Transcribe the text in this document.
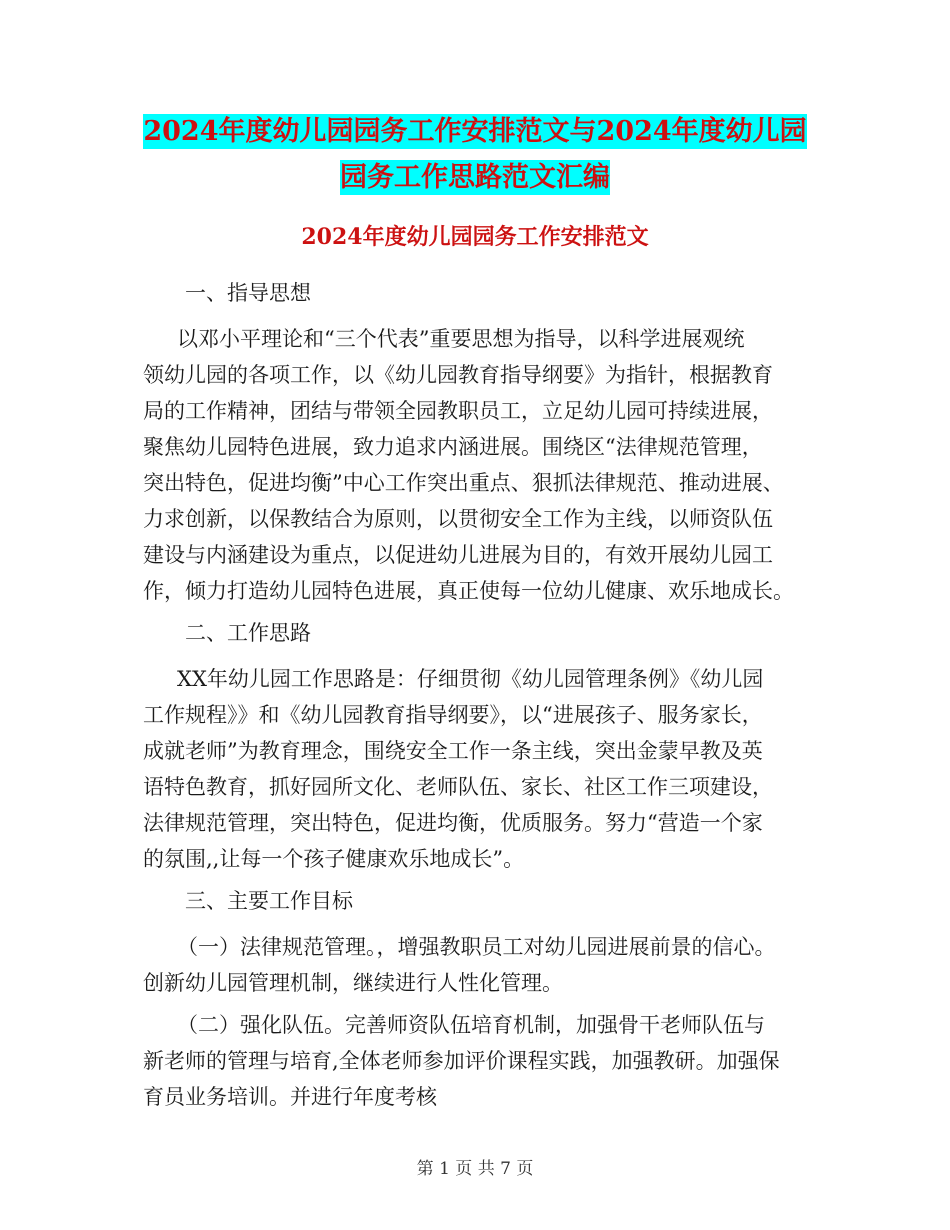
2024年度幼儿园园务工作安排范文与2024年度幼儿园
园务工作思路范文汇编
2024年度幼儿园园务工作安排范文

一、指导思想

以邓小平理论和“三个代表”重要思想为指导，以科学进展观统
领幼儿园的各项工作，以《幼儿园教育指导纲要》为指针，根据教育
局的工作精神，团结与带领全园教职员工，立足幼儿园可持续进展，
聚焦幼儿园特色进展，致力追求内涵进展。围绕区“法律规范管理，
突出特色，促进均衡”中心工作突出重点、狠抓法律规范、推动进展、
力求创新，以保教结合为原则，以贯彻安全工作为主线，以师资队伍
建设与内涵建设为重点，以促进幼儿进展为目的，有效开展幼儿园工
作，倾力打造幼儿园特色进展，真正使每一位幼儿健康、欢乐地成长。

二、工作思路

XX年幼儿园工作思路是：仔细贯彻《幼儿园管理条例》《幼儿园
工作规程》》和《幼儿园教育指导纲要》，以“进展孩子、服务家长，
成就老师”为教育理念，围绕安全工作一条主线，突出金蒙早教及英
语特色教育，抓好园所文化、老师队伍、家长、社区工作三项建设，
法律规范管理，突出特色，促进均衡，优质服务。努力“营造一个家
的氛围,,让每一个孩子健康欢乐地成长”。

三、主要工作目标

（一）法律规范管理。，增强教职员工对幼儿园进展前景的信心。
创新幼儿园管理机制，继续进行人性化管理。
（二）强化队伍。完善师资队伍培育机制，加强骨干老师队伍与
新老师的管理与培育,全体老师参加评价课程实践，加强教研。加强保
育员业务培训。并进行年度考核
第 1 页 共 7 页
